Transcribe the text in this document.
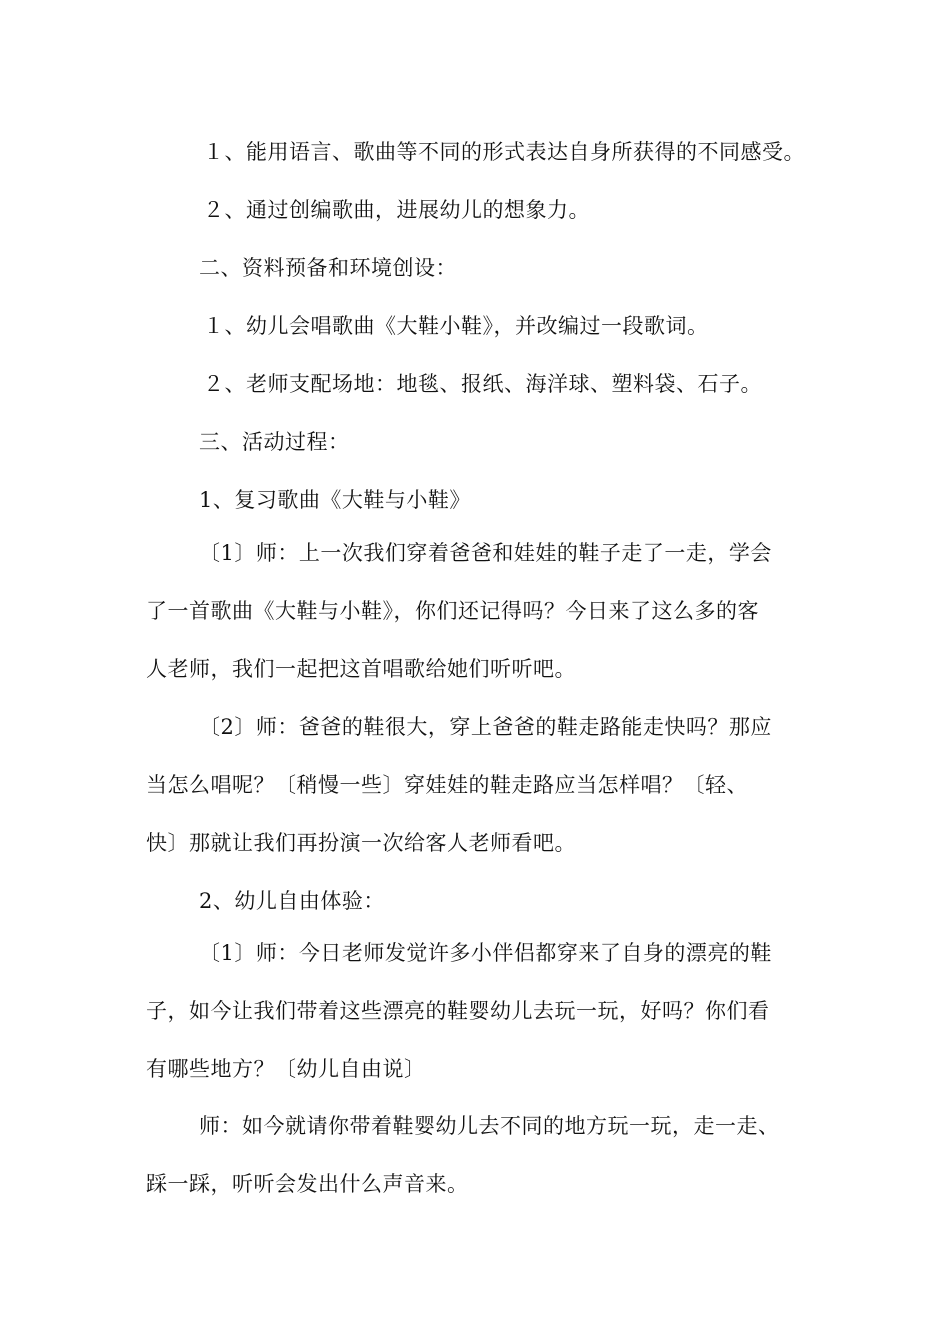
１、能用语言、歌曲等不同的形式表达自身所获得的不同感受。
２、通过创编歌曲，进展幼儿的想象力。
二、资料预备和环境创设：
１、幼儿会唱歌曲《大鞋小鞋》，并改编过一段歌词。
２、老师支配场地：地毯、报纸、海洋球、塑料袋、石子。
三、活动过程：
1、复习歌曲《大鞋与小鞋》
〔1〕师：上一次我们穿着爸爸和娃娃的鞋子走了一走，学会
了一首歌曲《大鞋与小鞋》，你们还记得吗？今日来了这么多的客
人老师，我们一起把这首唱歌给她们听听吧。
〔2〕师：爸爸的鞋很大，穿上爸爸的鞋走路能走快吗？那应
当怎么唱呢？〔稍慢一些〕穿娃娃的鞋走路应当怎样唱？〔轻、
快〕那就让我们再扮演一次给客人老师看吧。
2、幼儿自由体验：
〔1〕师：今日老师发觉许多小伴侣都穿来了自身的漂亮的鞋
子，如今让我们带着这些漂亮的鞋婴幼儿去玩一玩，好吗？你们看
有哪些地方？〔幼儿自由说〕
师：如今就请你带着鞋婴幼儿去不同的地方玩一玩，走一走、
踩一踩，听听会发出什么声音来。
